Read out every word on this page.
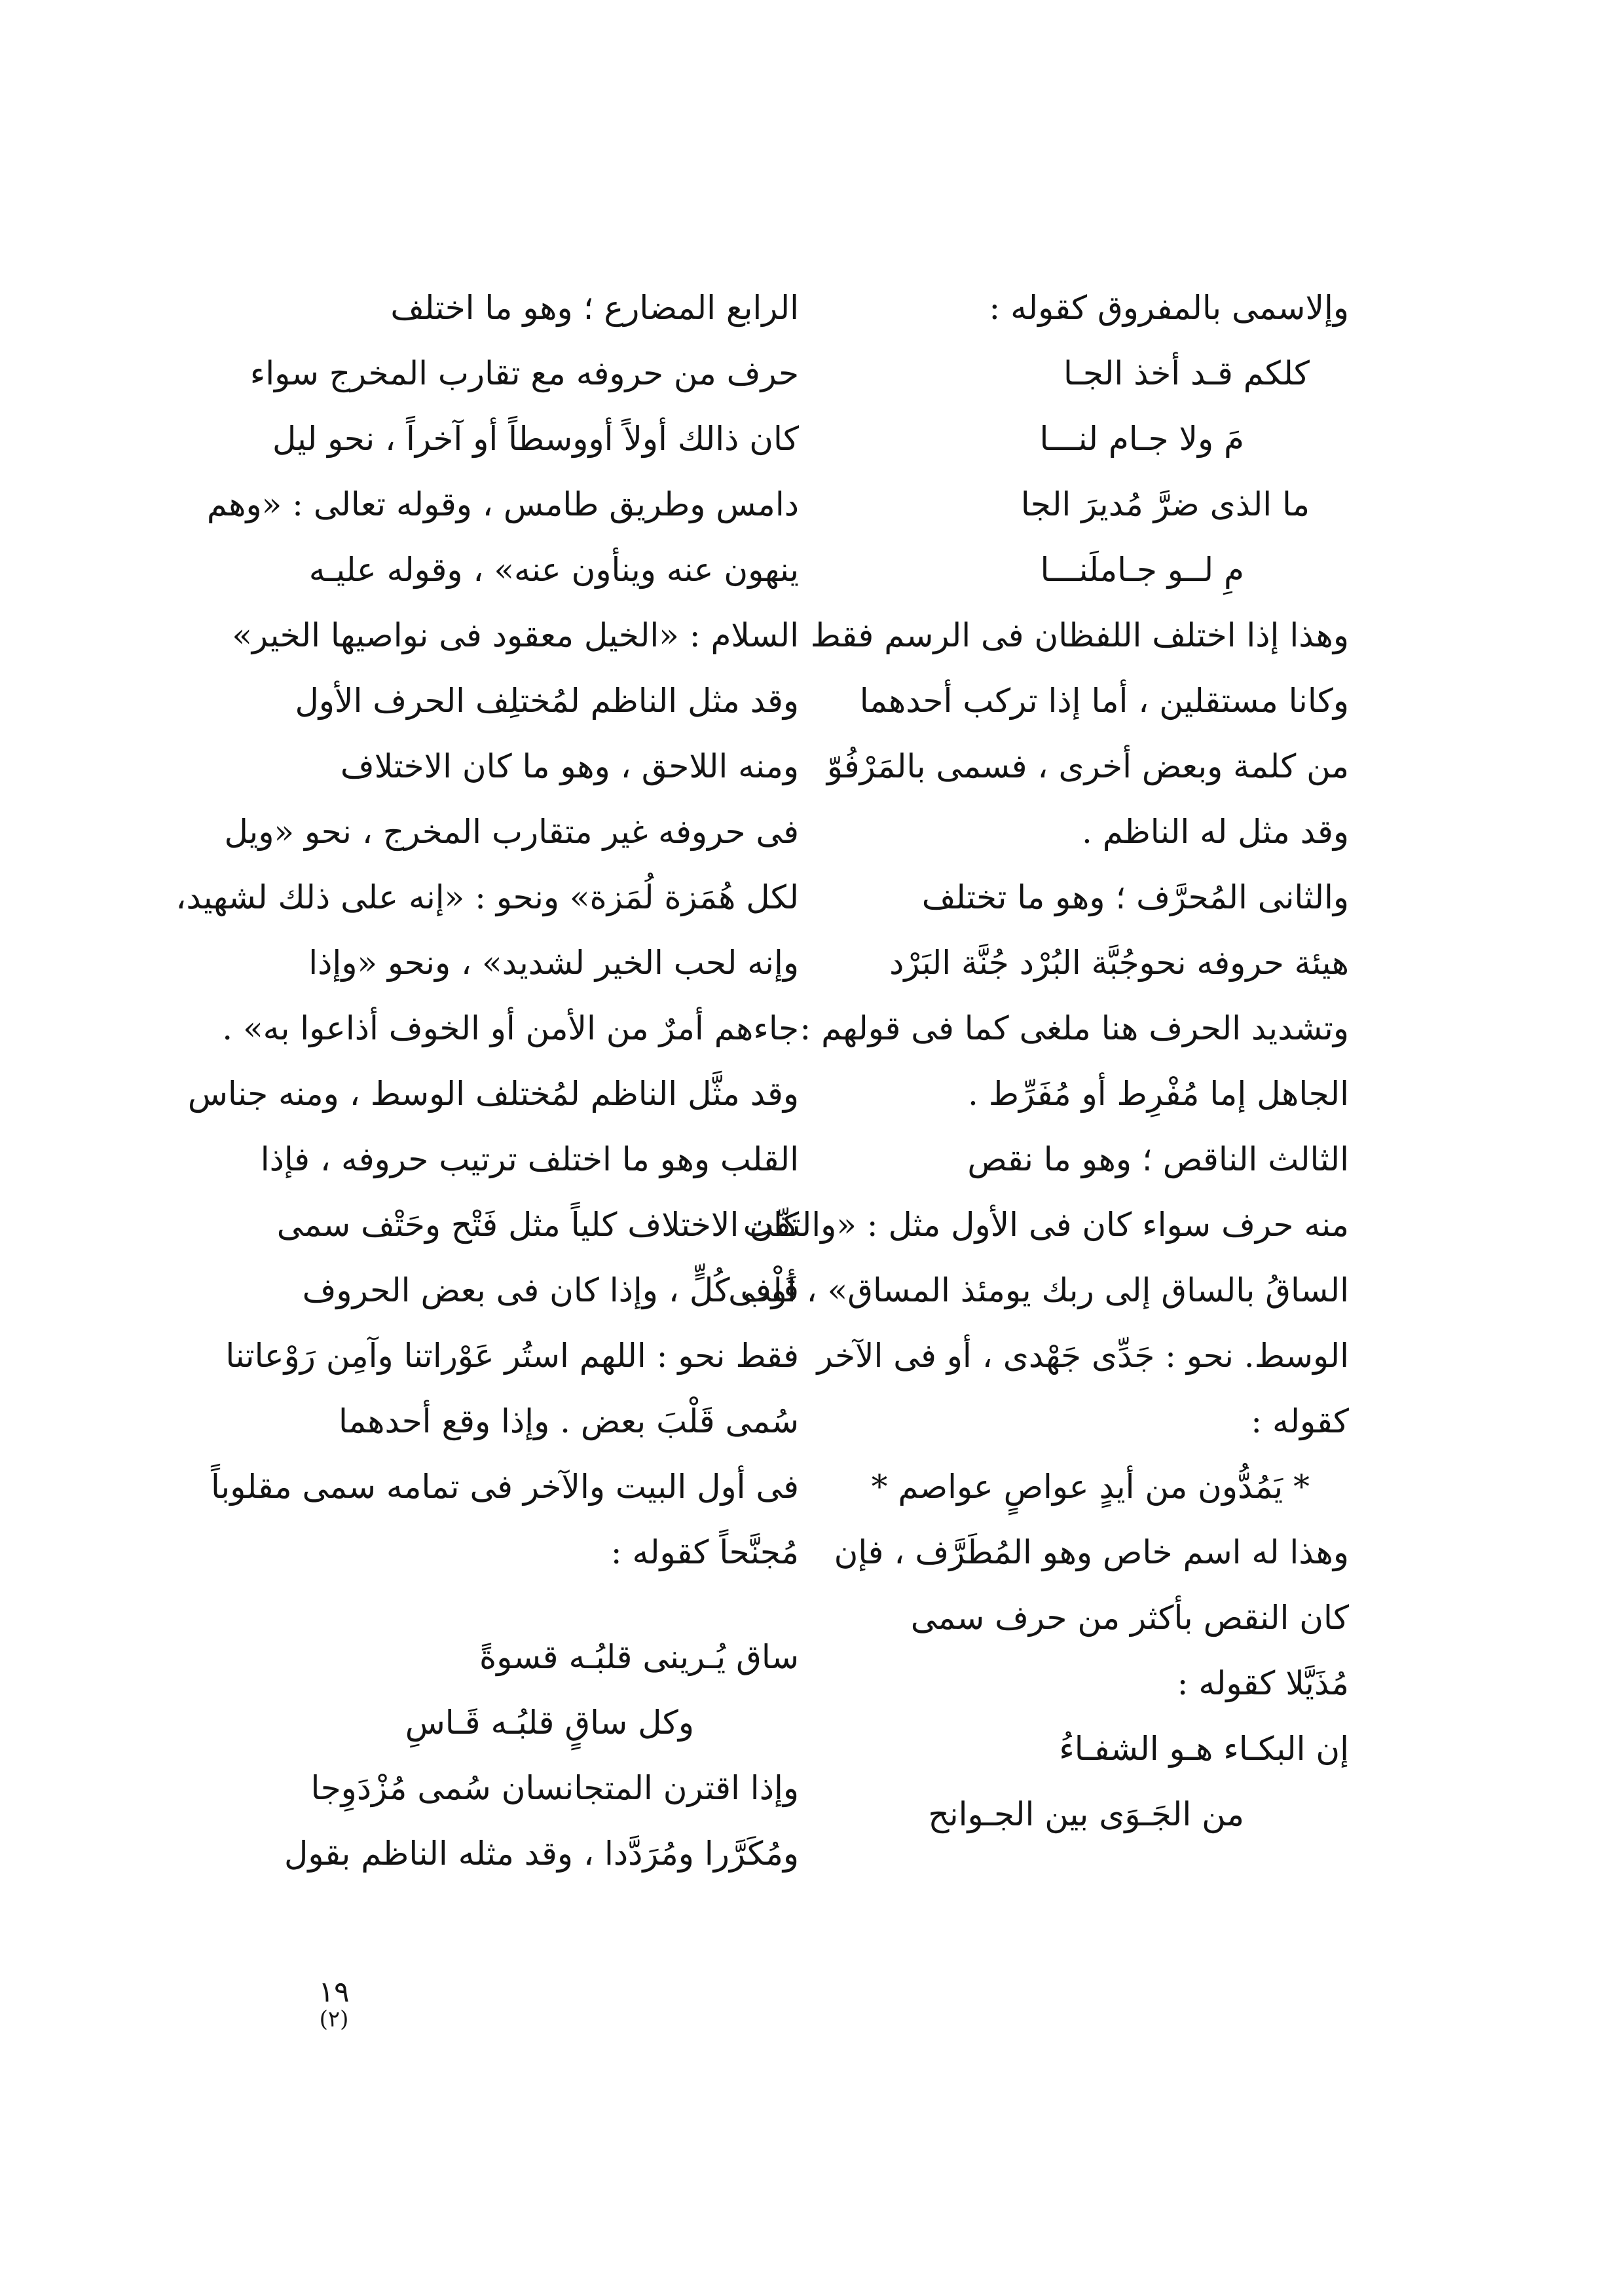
وإلاسمى بالمفروق كقوله :
كلكم قـد أخذ الجـا
مَ ولا جـام لنـــا
ما الذى ضرَّ مُديرَ الجا
مِ لــو جـاملَنـــا
وهذا إذا اختلف اللفظان فى الرسم فقط
وكانا مستقلين ، أما إذا تركب أحدهما
من كلمة وبعض أخرى ، فسمى بالمَرْفُوّ
وقد مثل له الناظم .
والثانى المُحرَّف ؛ وهو ما تختلف
هيئة حروفه نحوجُبَّة البُرْد جُنَّة البَرْد
وتشديد الحرف هنا ملغى كما فى قولهم :
الجاهل إما مُفْرِط أو مُفَرِّط .
الثالث الناقص ؛ وهو ما نقص
منه حرف سواء كان فى الأول مثل : «والتفّت
الساقُ بالساق إلى ربك يومئذ المساق» ، أوفى
الوسط. نحو : جَدِّى جَهْدى ، أو فى الآخر
كقوله :
* يَمُدُّون من أيدٍ عواصٍ عواصم *
وهذا له اسم خاص وهو المُطَرَّف ، فإن
كان النقص بأكثر من حرف سمى
مُذَيَّلا كقوله :
إن البكـاء هـو الشفـاءُ
من الجَـوَى بين الجـوانح
الرابع المضارع ؛ وهو ما اختلف
حرف من حروفه مع تقارب المخرج سواء
كان ذالك أولاً أووسطاً أو آخراً ، نحو ليل
دامس وطريق طامس ، وقوله تعالى : «وهم
ينهون عنه وينأون عنه» ، وقوله عليـه
السلام : «الخيل معقود فى نواصيها الخير»
وقد مثل الناظم لمُختلِف الحرف الأول
ومنه اللاحق ، وهو ما كان الاختلاف
فى حروفه غير متقارب المخرج ، نحو «ويل
لكل هُمَزة لُمَزة» ونحو : «إنه على ذلك لشهيد،
وإنه لحب الخير لشديد» ، ونحو «وإذا
جاءهم أمرٌ من الأمن أو الخوف أذاعوا به» .
وقد مثَّل الناظم لمُختلف الوسط ، ومنه جناس
القلب وهو ما اختلف ترتيب حروفه ، فإذا
كان الاختلاف كلياً مثل فَتْح وحَتْف سمى
قَلْب كُلٍّ ، وإذا كان فى بعض الحروف
فقط نحو : اللهم استُر عَوْراتنا وآمِن رَوْعاتنا
سُمى قَلْبَ بعض . وإذا وقع أحدهما
فى أول البيت والآخر فى تمامه سمى مقلوباً
مُجنَّحاً كقوله :
ساق يُـرينى قلبُـه قسوةً
وكل ساقٍ قلبُـه قَـاسِ
وإذا اقترن المتجانسان سُمى مُزْدَوِجا
ومُكَرَّرا ومُرَدَّدا ، وقد مثله الناظم بقول
١٩
(٢)
